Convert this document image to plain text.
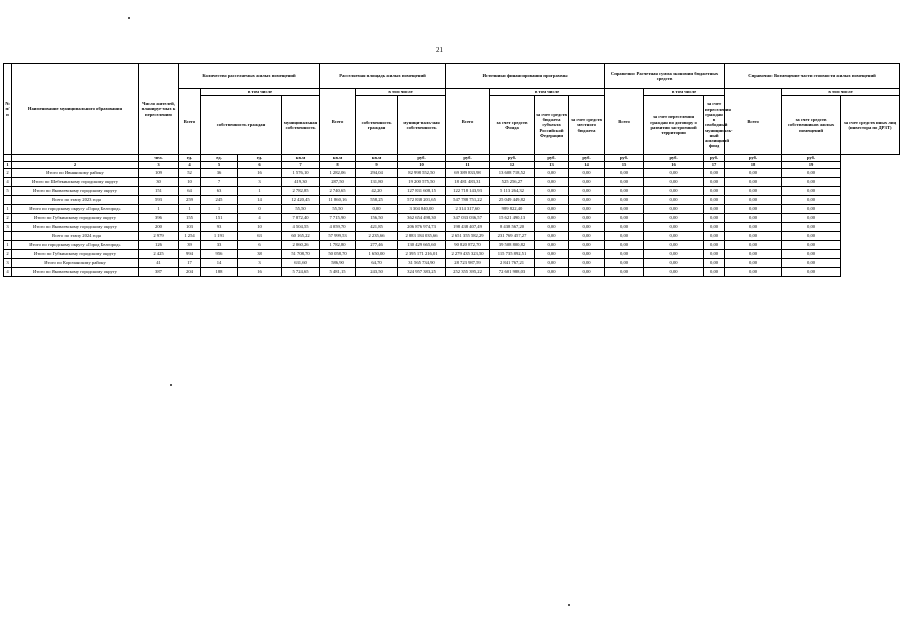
21
№ п/п	Наименование муниципального образования	Число жителей, планируе-мых к переселению	Количество расселяемых жилых помещений				Расселяемая площадь жилых помещений			Источники финансирования программы				Справочно: Расчетная сумма экономии бюджетных средств			Справочно: Возмещение части стоимости жилых помещений		
			Всего	в том числе			Всего	в том числе		Всего	в том числе			Всего	в том числе		Всего	в том числе	
				собственность граждан		муниципальная собственность		собственность граждан	муници-паль-ная собственность		за счет средств Фонда	за счет средств бюджета субъекта Российской Федерации	за счет средств местного бюджета		за счет переселения граждан по договору о развитии застроенной территории	за счет переселения граждан в свободный муниципаль-ный жилищный фонд		за счет средств собственников жилых помещений	за счет средств иных лиц (инвестора по ДРЗТ)
		чел.	ед.	ед.	ед.	кв.м	кв.м	кв.м	руб.	руб.	руб.	руб.	руб.	руб.	руб.	руб.	руб.	руб.	
1	2	3	4	5	6	7	8	9	10	11	12	13	14	15	16	17	18	19	
2	Итого по Ивнянскому району	109	52	36	16	1 576,10	1 282,06	294,04	82 998 552,50	69 389 833,98	13 608 718,52	0,00	0,00	0,00	0,00	0,00	0,00	0,00	
4	Итого по Шебекинскому городскому округу	30	10	7	3	419,30	287,50	131,80	19 200 575,50	18 481 483,31	525 256,27	0,00	0,00	0,00	0,00	0,00	0,00	0,00	
5	Итого по Яковлевскому городскому округу	151	64	63	1	2 782,85	2 740,65	42,20	127 831 608,15	122 718 143,93	5 113 264,32	0,00	0,00	0,00	0,00	0,00	0,00	0,00	
	Всего по этапу 2023 года	593	259	245	14	12 420,45	11 860,16	558,25	572 838 201,65	547 788 751,22	25 049 449,82	0,00	0,00	0,00	0,00	0,00	0,00	0,00	
1	Итого по городскому округу «Город Белгород»	1	1	1	0	55,50	55,50	0,00	3 304 840,00	2 314 317,60	989 822,40	0,00	0,00	0,00	0,00	0,00	0,00	0,00	
2	Итого по Губкинскому городскому округу	396	155	151	4	7 872,40	7 715,90	156,50	362 654 498,30	347 033 036,57	15 621 490,13	0,00	0,00	0,00	0,00	0,00	0,00	0,00	
3	Итого по Яковлевскому городскому округу	200	103	93	10	4 504,55	4 059,70	421,85	206 876 974,73	198 438 407,49	8 438 567,20	0,00	0,00	0,00	0,00	0,00	0,00	0,00	
	Всего по этапу 2024 года	2 979	1 254	1 191	63	60 165,22	57 999,53	2 235,66	2 883 184 035,66	2 651 355 582,29	231 769 457,27	0,00	0,00	0,00	0,00	0,00	0,00	0,00	
1	Итого по городскому округу «Город Белгород»	126	39	33	6	2 060,26	1 782,80	277,46	130 429 665,60	90 820 872,70	39 508 800,82	0,00	0,00	0,00	0,00	0,00	0,00	0,00	
2	Итого по Губкинскому городскому округу	2 425	994	956	38	51 708,70	50 058,70	1 650,00	2 395 171 216,01	2 279 435 323,50	115 735 892,51	0,00	0,00	0,00	0,00	0,00	0,00	0,00	
3	Итого по Корочанскому району	41	17	14	3	631,60	586,90	64,70	31 565 734,90	28 723 987,59	2 841 767,21	0,00	0,00	0,00	0,00	0,00	0,00	0,00	
4	Итого по Яковлевскому городскому округу	387	204	188	16	5 724,65	5 481,15	243,50	324 957 383,25	252 355 395,22	72 601 988,03	0,00	0,00	0,00	0,00	0,00	0,00	0,00	
